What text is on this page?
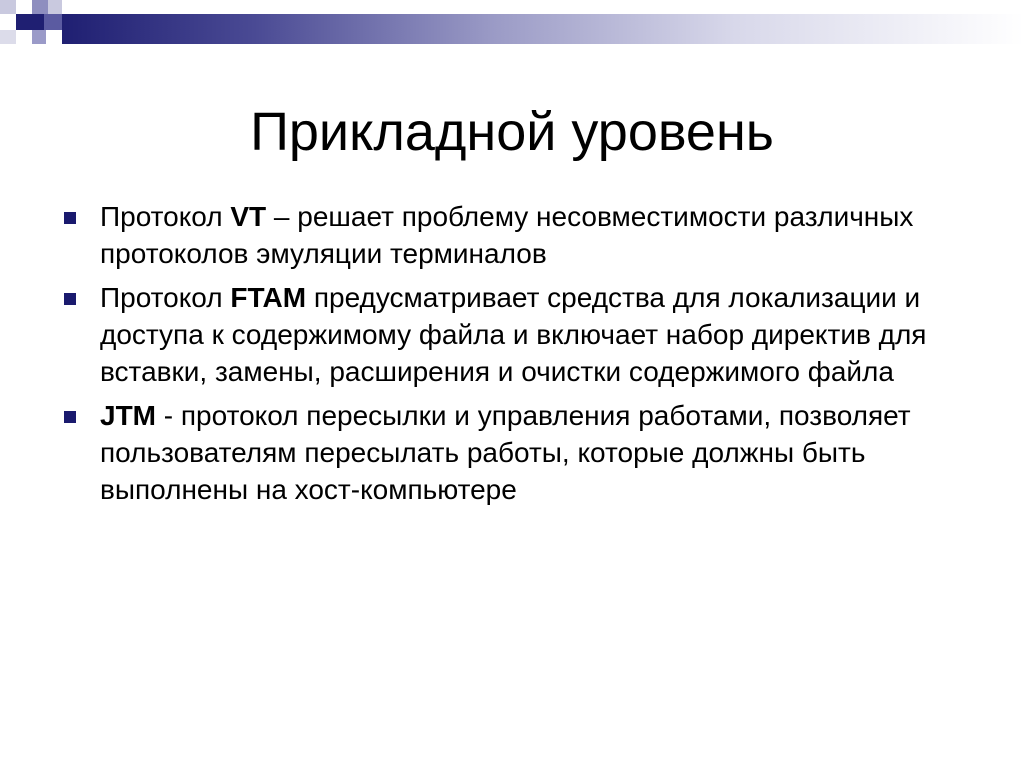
Прикладной уровень
Протокол VT – решает проблему несовместимости различных протоколов эмуляции терминалов
Протокол FTAM предусматривает средства для локализации и доступа к содержимому файла и включает набор директив для вставки, замены, расширения и очистки содержимого файла
JTM - протокол пересылки и управления работами, позволяет пользователям пересылать работы, которые должны быть выполнены на хост-компьютере
